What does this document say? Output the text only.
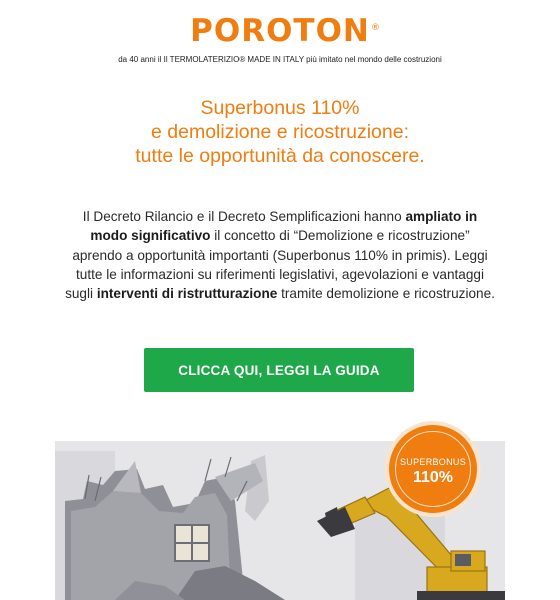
POROTON ®
da 40 anni il Il TERMOLATERIZIO® MADE IN ITALY più imitato nel mondo delle costruzioni
Superbonus 110%
e demolizione e ricostruzione:
tutte le opportunità da conoscere.
Il Decreto Rilancio e il Decreto Semplificazioni hanno ampliato in modo significativo il concetto di “Demolizione e ricostruzione” aprendo a opportunità importanti (Superbonus 110% in primis). Leggi tutte le informazioni su riferimenti legislativi, agevolazioni e vantaggi sugli interventi di ristrutturazione tramite demolizione e ricostruzione.
CLICCA QUI, LEGGI LA GUIDA
SUPERBONUS
110%
